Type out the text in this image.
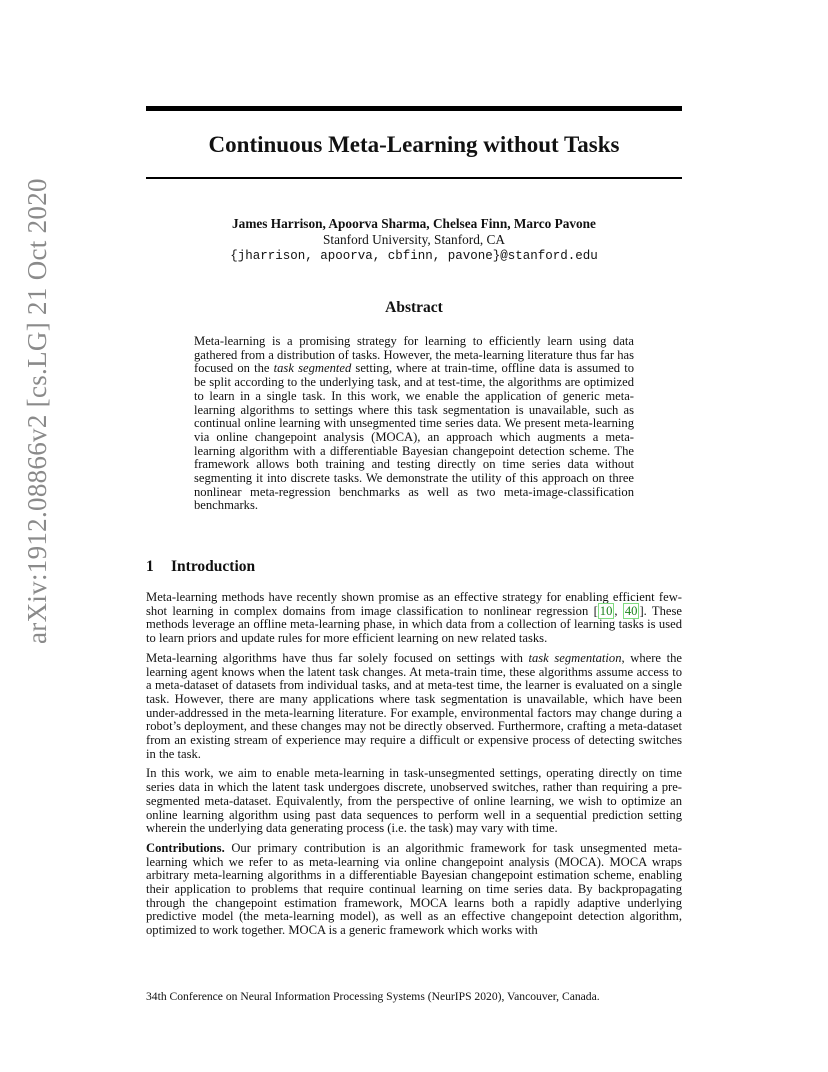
arXiv:1912.08866v2 [cs.LG] 21 Oct 2020
Continuous Meta-Learning without Tasks
James Harrison, Apoorva Sharma, Chelsea Finn, Marco Pavone
Stanford University, Stanford, CA
{jharrison, apoorva, cbfinn, pavone}@stanford.edu
Abstract
Meta-learning is a promising strategy for learning to efficiently learn using data gathered from a distribution of tasks. However, the meta-learning literature thus far has focused on the task segmented setting, where at train-time, offline data is assumed to be split according to the underlying task, and at test-time, the algorithms are optimized to learn in a single task. In this work, we enable the application of generic meta-learning algorithms to settings where this task segmentation is unavailable, such as continual online learning with unsegmented time series data. We present meta-learning via online changepoint analysis (MOCA), an approach which augments a meta-learning algorithm with a differentiable Bayesian changepoint detection scheme. The framework allows both training and testing directly on time series data without segmenting it into discrete tasks. We demonstrate the utility of this approach on three nonlinear meta-regression benchmarks as well as two meta-image-classification benchmarks.
1 Introduction

Meta-learning methods have recently shown promise as an effective strategy for enabling efficient few-shot learning in complex domains from image classification to nonlinear regression [ 10 , 40 ]. These methods leverage an offline meta-learning phase, in which data from a collection of learning tasks is used to learn priors and update rules for more efficient learning on new related tasks.

Meta-learning algorithms have thus far solely focused on settings with task segmentation, where the learning agent knows when the latent task changes. At meta-train time, these algorithms assume access to a meta-dataset of datasets from individual tasks, and at meta-test time, the learner is evaluated on a single task. However, there are many applications where task segmentation is unavailable, which have been under-addressed in the meta-learning literature. For example, environmental factors may change during a robot’s deployment, and these changes may not be directly observed. Furthermore, crafting a meta-dataset from an existing stream of experience may require a difficult or expensive process of detecting switches in the task.

In this work, we aim to enable meta-learning in task-unsegmented settings, operating directly on time series data in which the latent task undergoes discrete, unobserved switches, rather than requiring a pre-segmented meta-dataset. Equivalently, from the perspective of online learning, we wish to optimize an online learning algorithm using past data sequences to perform well in a sequential prediction setting wherein the underlying data generating process (i.e. the task) may vary with time.

Contributions. Our primary contribution is an algorithmic framework for task unsegmented meta-learning which we refer to as meta-learning via online changepoint analysis (MOCA). MOCA wraps arbitrary meta-learning algorithms in a differentiable Bayesian changepoint estimation scheme, enabling their application to problems that require continual learning on time series data. By backpropagating through the changepoint estimation framework, MOCA learns both a rapidly adaptive underlying predictive model (the meta-learning model), as well as an effective changepoint detection algorithm, optimized to work together. MOCA is a generic framework which works with

34th Conference on Neural Information Processing Systems (NeurIPS 2020), Vancouver, Canada.
